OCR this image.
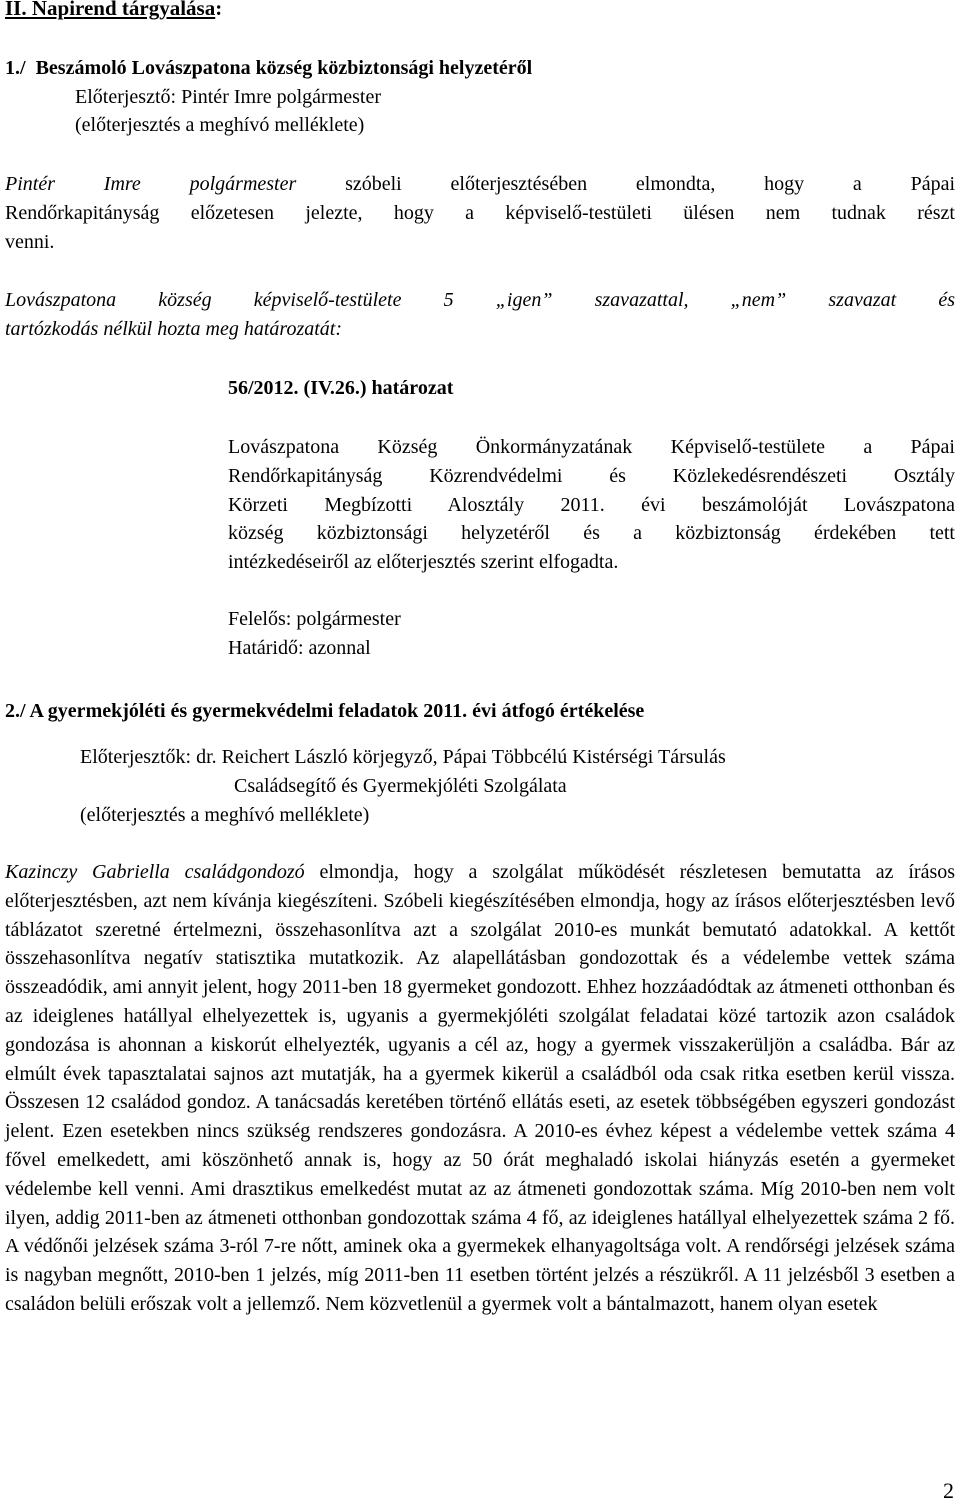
II. Napirend tárgyalása:
1./ Beszámoló Lovászpatona község közbiztonsági helyzetéről
Előterjesztő: Pintér Imre polgármester
(előterjesztés a meghívó melléklete)
Pintér Imre polgármester szóbeli előterjesztésében elmondta, hogy a Pápai
Rendőrkapitányság előzetesen jelezte, hogy a képviselő-testületi ülésen nem tudnak részt
venni.
Lovászpatona község képviselő-testülete 5 „igen” szavazattal, „nem” szavazat és
tartózkodás nélkül hozta meg határozatát:
56/2012. (IV.26.) határozat
Lovászpatona Község Önkormányzatának Képviselő-testülete a Pápai
Rendőrkapitányság Közrendvédelmi és Közlekedésrendészeti Osztály
Körzeti Megbízotti Alosztály 2011. évi beszámolóját Lovászpatona
község közbiztonsági helyzetéről és a közbiztonság érdekében tett
intézkedéseiről az előterjesztés szerint elfogadta.
Felelős: polgármester
Határidő: azonnal
2./ A gyermekjóléti és gyermekvédelmi feladatok 2011. évi átfogó értékelése
Előterjesztők: dr. Reichert László körjegyző, Pápai Többcélú Kistérségi Társulás
Családsegítő és Gyermekjóléti Szolgálata
(előterjesztés a meghívó melléklete)

Kazinczy Gabriella családgondozó elmondja, hogy a szolgálat működését részletesen bemutatta az írásos előterjesztésben, azt nem kívánja kiegészíteni. Szóbeli kiegészítésében elmondja, hogy az írásos előterjesztésben levő táblázatot szeretné értelmezni, összehasonlítva azt a szolgálat 2010-es munkát bemutató adatokkal. A kettőt összehasonlítva negatív statisztika mutatkozik. Az alapellátásban gondozottak és a védelembe vettek száma összeadódik, ami annyit jelent, hogy 2011-ben 18 gyermeket gondozott. Ehhez hozzáadódtak az átmeneti otthonban és az ideiglenes hatállyal elhelyezettek is, ugyanis a gyermekjóléti szolgálat feladatai közé tartozik azon családok gondozása is ahonnan a kiskorút elhelyezték, ugyanis a cél az, hogy a gyermek visszakerüljön a családba. Bár az elmúlt évek tapasztalatai sajnos azt mutatják, ha a gyermek kikerül a családból oda csak ritka esetben kerül vissza. Összesen 12 családod gondoz. A tanácsadás keretében történő ellátás eseti, az esetek többségében egyszeri gondozást jelent. Ezen esetekben nincs szükség rendszeres gondozásra. A 2010-es évhez képest a védelembe vettek száma 4 fővel emelkedett, ami köszönhető annak is, hogy az 50 órát meghaladó iskolai hiányzás esetén a gyermeket védelembe kell venni. Ami drasztikus emelkedést mutat az az átmeneti gondozottak száma. Míg 2010-ben nem volt ilyen, addig 2011-ben az átmeneti otthonban gondozottak száma 4 fő, az ideiglenes hatállyal elhelyezettek száma 2 fő. A védőnői jelzések száma 3-ról 7-re nőtt, aminek oka a gyermekek elhanyagoltsága volt. A rendőrségi jelzések száma is nagyban megnőtt, 2010-ben 1 jelzés, míg 2011-ben 11 esetben történt jelzés a részükről. A 11 jelzésből 3 esetben a családon belüli erőszak volt a jellemző. Nem közvetlenül a gyermek volt a bántalmazott, hanem olyan esetek

2
